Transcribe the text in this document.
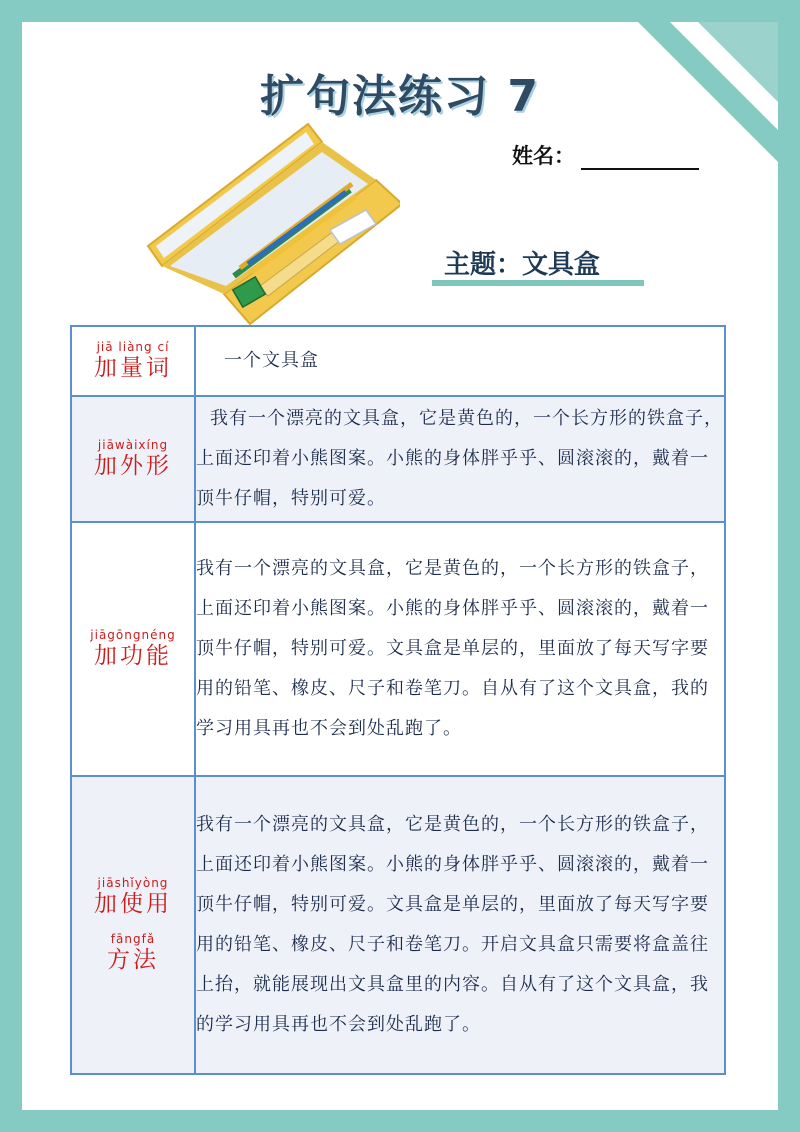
扩句法练习 7
姓名：
主题：文具盒
jiā liàng cí
加量词	一个文具盒

jiāwàixíng
加外形	我有一个漂亮的文具盒，它是黄色的，一个长方形的铁盒子，上面还印着小熊图案。小熊的身体胖乎乎、圆滚滚的，戴着一顶牛仔帽，特别可爱。

jiāgōngnéng
加功能	我有一个漂亮的文具盒，它是黄色的，一个长方形的铁盒子，上面还印着小熊图案。小熊的身体胖乎乎、圆滚滚的，戴着一顶牛仔帽，特别可爱。文具盒是单层的，里面放了每天写字要用的铅笔、橡皮、尺子和卷笔刀。自从有了这个文具盒，我的学习用具再也不会到处乱跑了。

jiāshǐyòng
加使用
fāngfǎ
方法	我有一个漂亮的文具盒，它是黄色的，一个长方形的铁盒子，上面还印着小熊图案。小熊的身体胖乎乎、圆滚滚的，戴着一顶牛仔帽，特别可爱。文具盒是单层的，里面放了每天写字要用的铅笔、橡皮、尺子和卷笔刀。开启文具盒只需要将盒盖往上抬，就能展现出文具盒里的内容。自从有了这个文具盒，我的学习用具再也不会到处乱跑了。
